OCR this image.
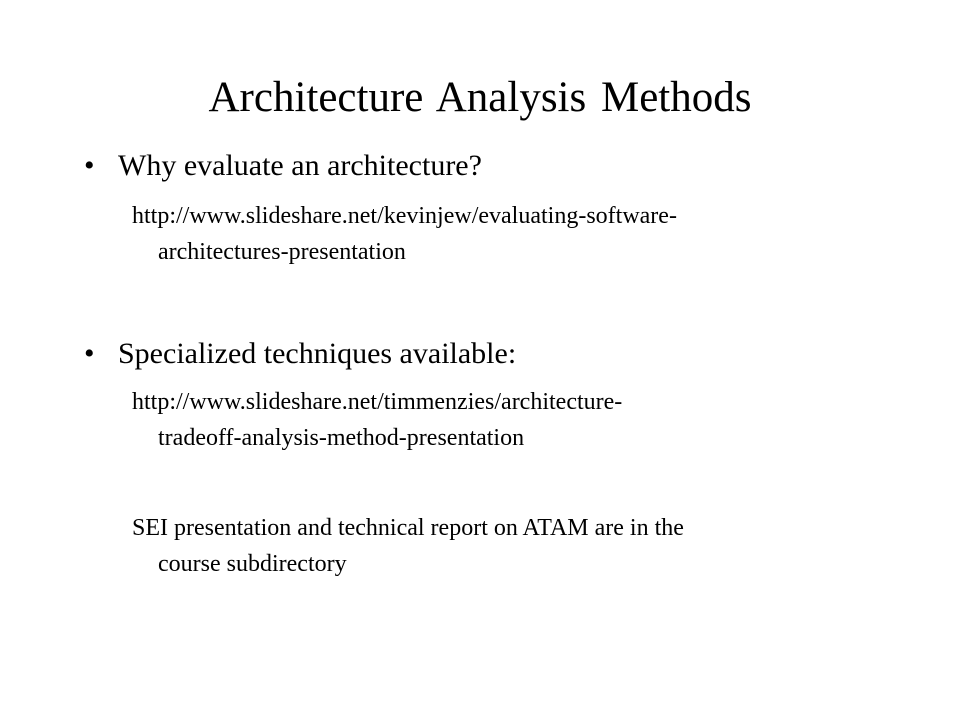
Architecture Analysis Methods
• Why evaluate an architecture?
http://www.slideshare.net/kevinjew/evaluating-software-
architectures-presentation
• Specialized techniques available:
http://www.slideshare.net/timmenzies/architecture-
tradeoff-analysis-method-presentation
SEI presentation and technical report on ATAM are in the
course subdirectory
